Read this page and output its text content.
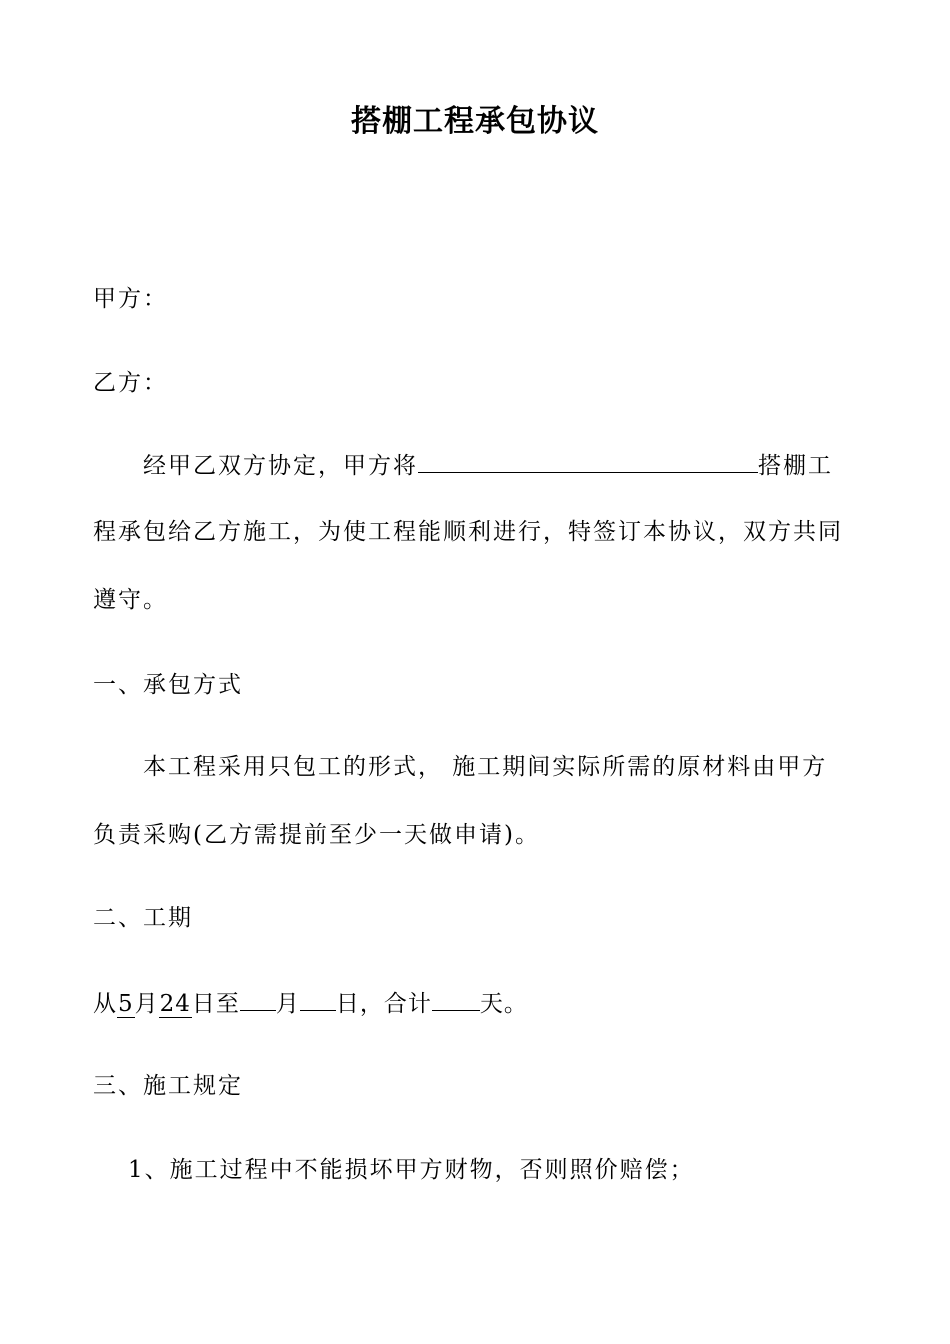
搭棚工程承包协议
甲方：
乙方：
经甲乙双方协定，甲方将	搭棚工
程承包给乙方施工，为使工程能顺利进行，特签订本协议，双方共同
遵守。
一、承包方式
本工程采用只包工的形式， 施工期间实际所需的原材料由甲方
负责采购(乙方需提前至少一天做申请)。
二、工期
从5月24日至 月 日，合计 天。
三、施工规定
1、施工过程中不能损坏甲方财物，否则照价赔偿；
